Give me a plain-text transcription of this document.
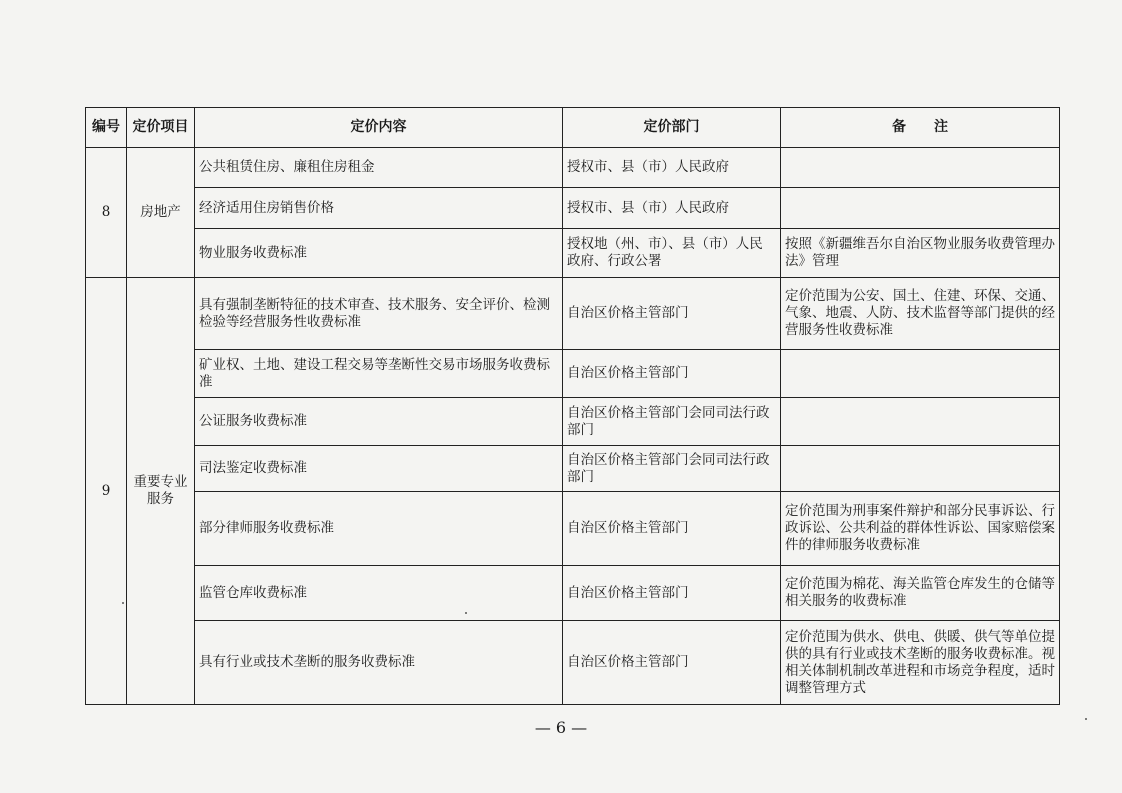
编号	定价项目	定价内容	定价部门	备　　注
8	房地产	公共租赁住房、廉租住房租金	授权市、县（市）人民政府	
		经济适用住房销售价格	授权市、县（市）人民政府	
		物业服务收费标准	授权地（州、市）、县（市）人民政府、行政公署	按照《新疆维吾尔自治区物业服务收费管理办法》管理
9	重要专业服务	具有强制垄断特征的技术审查、技术服务、安全评价、检测检验等经营服务性收费标准	自治区价格主管部门	定价范围为公安、国土、住建、环保、交通、气象、地震、人防、技术监督等部门提供的经营服务性收费标准
		矿业权、土地、建设工程交易等垄断性交易市场服务收费标准	自治区价格主管部门	
		公证服务收费标准	自治区价格主管部门会同司法行政部门	
		司法鉴定收费标准	自治区价格主管部门会同司法行政部门	
		部分律师服务收费标准	自治区价格主管部门	定价范围为刑事案件辩护和部分民事诉讼、行政诉讼、公共利益的群体性诉讼、国家赔偿案件的律师服务收费标准
		监管仓库收费标准	自治区价格主管部门	定价范围为棉花、海关监管仓库发生的仓储等相关服务的收费标准
		具有行业或技术垄断的服务收费标准	自治区价格主管部门	定价范围为供水、供电、供暖、供气等单位提供的具有行业或技术垄断的服务收费标准。视相关体制机制改革进程和市场竞争程度，适时调整管理方式
— 6 —
